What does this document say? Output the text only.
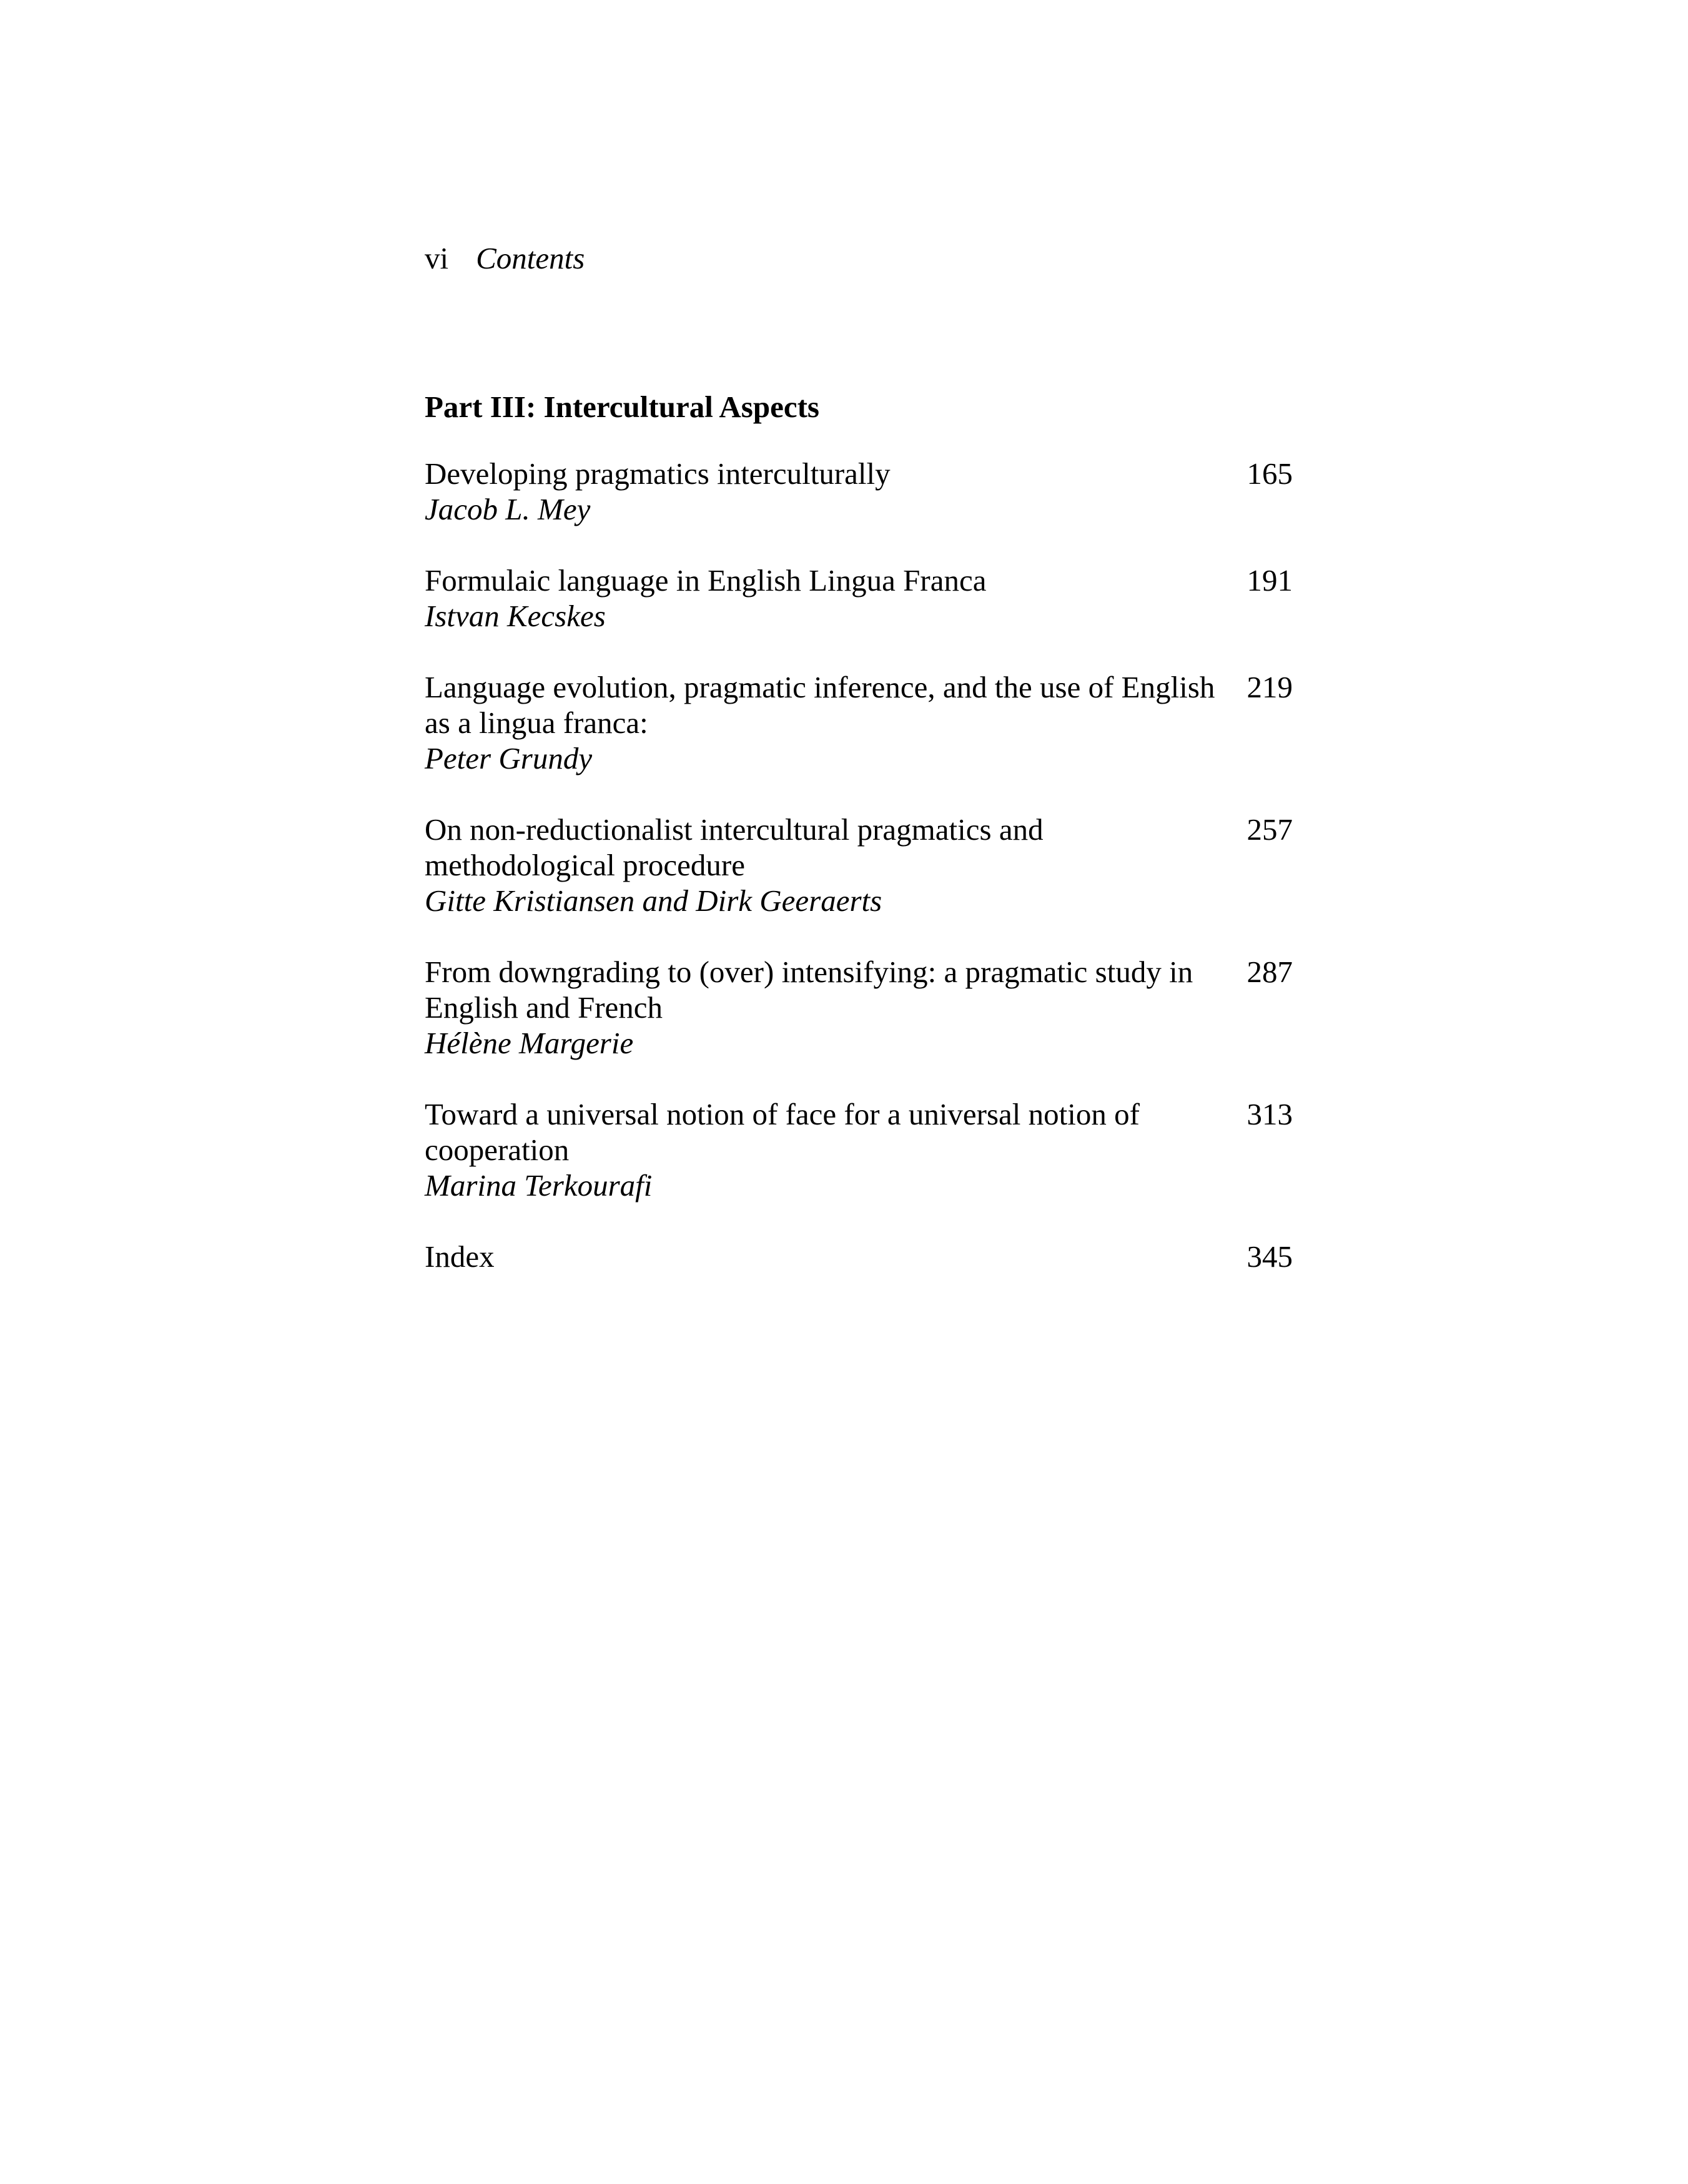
vi Contents
Part III: Intercultural Aspects
Developing pragmatics interculturally
Jacob L. Mey
165
Formulaic language in English Lingua Franca
Istvan Kecskes
191
Language evolution, pragmatic inference, and the use of English as a lingua franca:
Peter Grundy
219
On non-reductionalist intercultural pragmatics and methodological procedure
Gitte Kristiansen and Dirk Geeraerts
257
From downgrading to (over) intensifying: a pragmatic study in English and French
Hélène Margerie
287
Toward a universal notion of face for a universal notion of cooperation
Marina Terkourafi
313
Index	345
